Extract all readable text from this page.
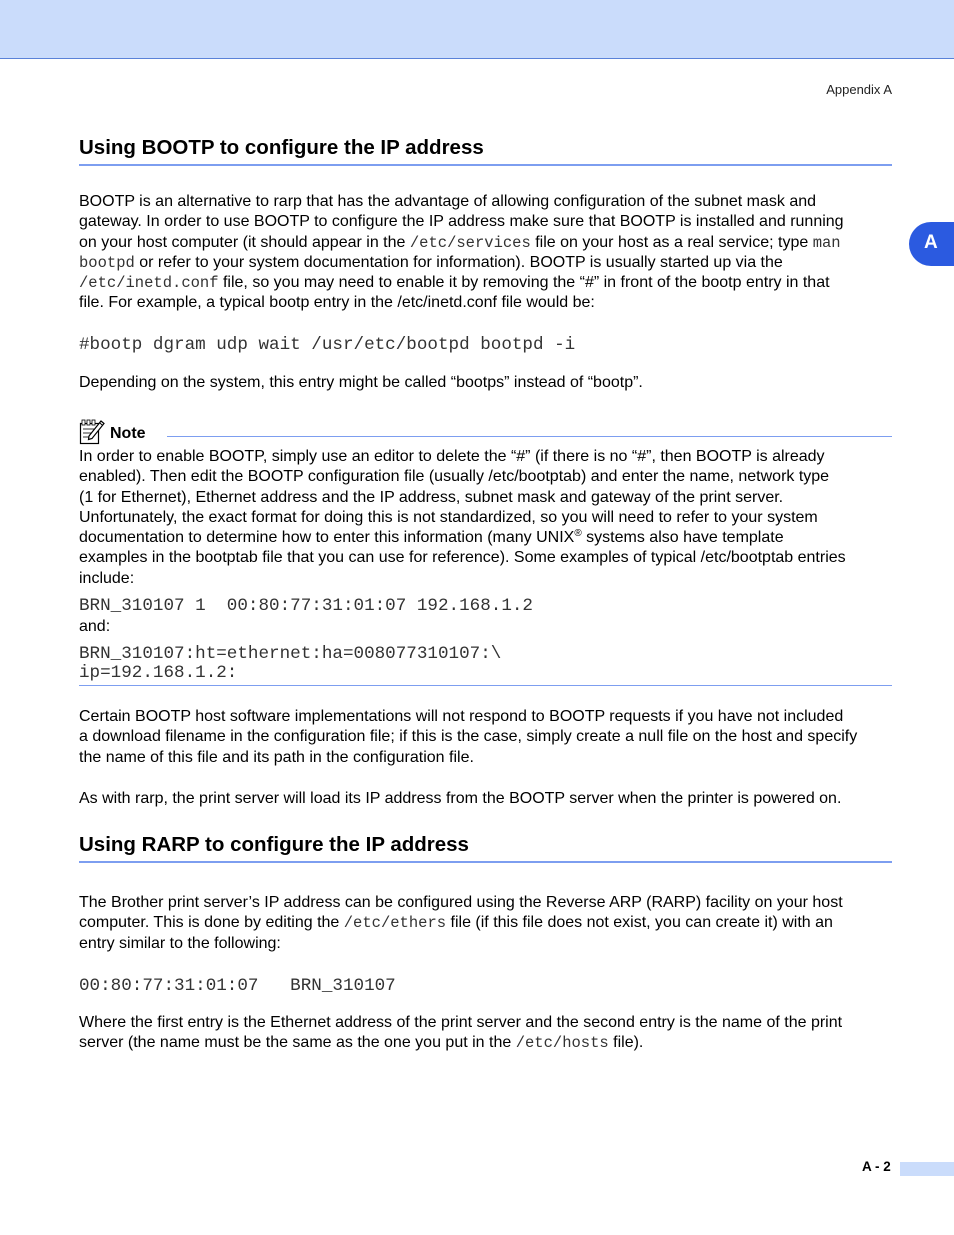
Appendix A
A
Using BOOTP to configure the IP address
BOOTP is an alternative to rarp that has the advantage of allowing configuration of the subnet mask and
gateway. In order to use BOOTP to configure the IP address make sure that BOOTP is installed and running
on your host computer (it should appear in the /etc/services file on your host as a real service; type man
bootpd or refer to your system documentation for information). BOOTP is usually started up via the
/etc/inetd.conf file, so you may need to enable it by removing the “#” in front of the bootp entry in that
file. For example, a typical bootp entry in the /etc/inetd.conf file would be:
#bootp dgram udp wait /usr/etc/bootpd bootpd -i
Depending on the system, this entry might be called “bootps” instead of “bootp”.
Note
In order to enable BOOTP, simply use an editor to delete the “#” (if there is no “#”, then BOOTP is already
enabled). Then edit the BOOTP configuration file (usually /etc/bootptab) and enter the name, network type
(1 for Ethernet), Ethernet address and the IP address, subnet mask and gateway of the print server.
Unfortunately, the exact format for doing this is not standardized, so you will need to refer to your system
documentation to determine how to enter this information (many UNIX® systems also have template
examples in the bootptab file that you can use for reference). Some examples of typical /etc/bootptab entries
include:
BRN_310107 1  00:80:77:31:01:07 192.168.1.2
and:
BRN_310107:ht=ethernet:ha=008077310107:\
ip=192.168.1.2:
Certain BOOTP host software implementations will not respond to BOOTP requests if you have not included
a download filename in the configuration file; if this is the case, simply create a null file on the host and specify
the name of this file and its path in the configuration file.
As with rarp, the print server will load its IP address from the BOOTP server when the printer is powered on.
Using RARP to configure the IP address
The Brother print server’s IP address can be configured using the Reverse ARP (RARP) facility on your host
computer. This is done by editing the /etc/ethers file (if this file does not exist, you can create it) with an
entry similar to the following:
00:80:77:31:01:07   BRN_310107
Where the first entry is the Ethernet address of the print server and the second entry is the name of the print
server (the name must be the same as the one you put in the /etc/hosts file).
A - 2
